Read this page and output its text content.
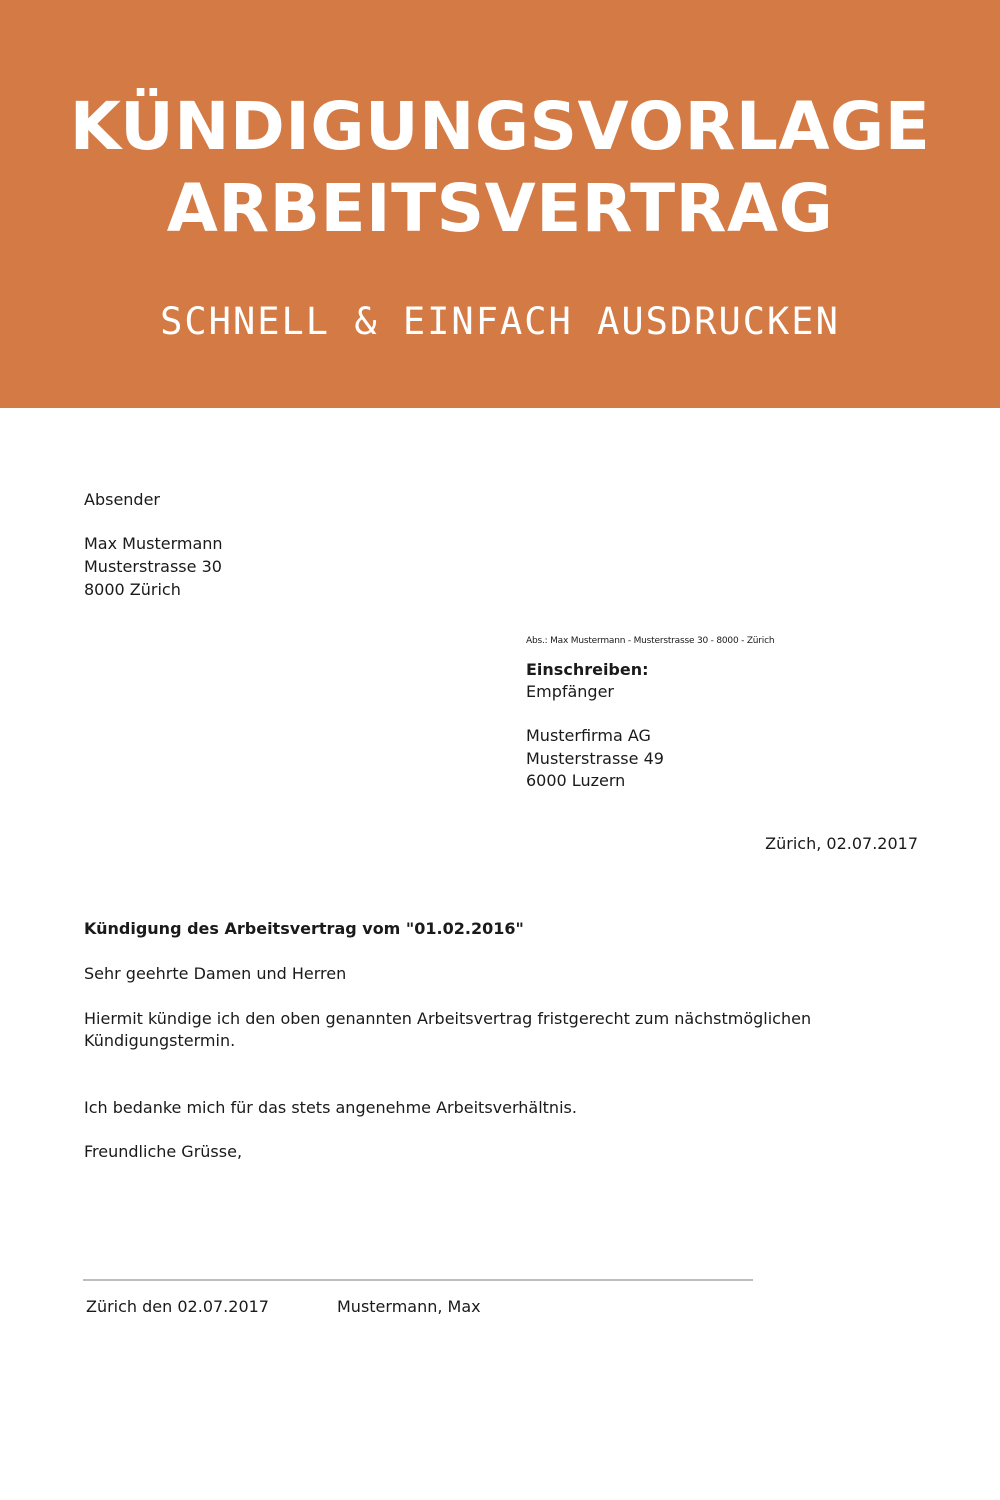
KÜNDIGUNGSVORLAGE
ARBEITSVERTRAG

SCHNELL & EINFACH AUSDRUCKEN

Absender

Max Mustermann

Musterstrasse 30

8000 Zürich

Abs.: Max Mustermann - Musterstrasse 30 - 8000 - Zürich

Einschreiben:

Empfänger

Musterfirma AG

Musterstrasse 49

6000 Luzern

Zürich, 02.07.2017

Kündigung des Arbeitsvertrag vom "01.02.2016"

Sehr geehrte Damen und Herren

Hiermit kündige ich den oben genannten Arbeitsvertrag fristgerecht zum nächstmöglichen

Kündigungstermin.

Ich bedanke mich für das stets angenehme Arbeitsverhältnis.

Freundliche Grüsse,

Zürich den 02.07.2017	Mustermann, Max
